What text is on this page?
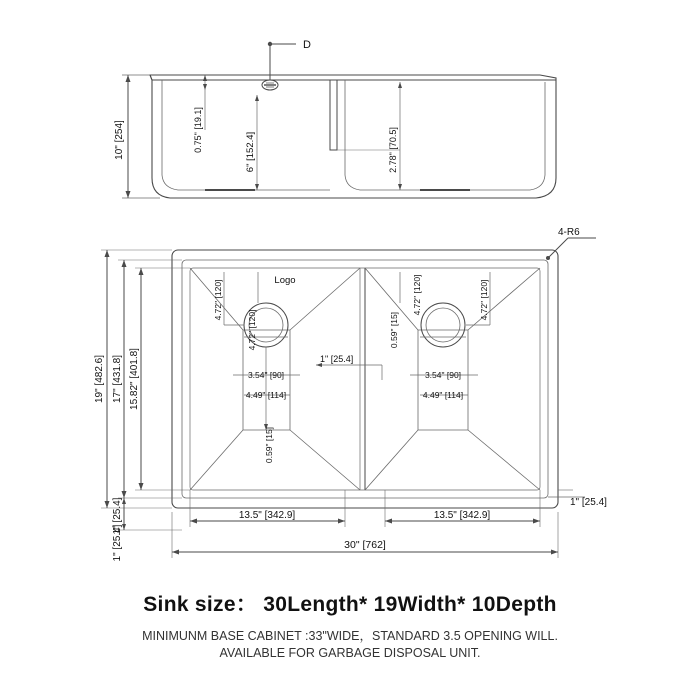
D
10" [254]	0.75" [19.1]	6" [152.4]	2.78" [70.5]
4-R6
Logo
19" [482.6] 17" [431.8] 15.82" [401.8]
1" [25.4]
1" [25.4]	30" [762]
13.5" [342.9]	13.5" [342.9]
1" [25.4]
4.72" [120]
4.72" [120]
3.54" [90]
4.49" [114]
0.59" [15]
0.59" [15]
4.72" [120]	4.72" [120]
3.54" [90]
4.49" [114]
1" [25.4]
Sink size： 30Length* 19Width* 10Depth
MINIMUNM BASE CABINET :33"WIDE，STANDARD 3.5 OPENING WILL.
AVAILABLE FOR GARBAGE DISPOSAL UNIT.
